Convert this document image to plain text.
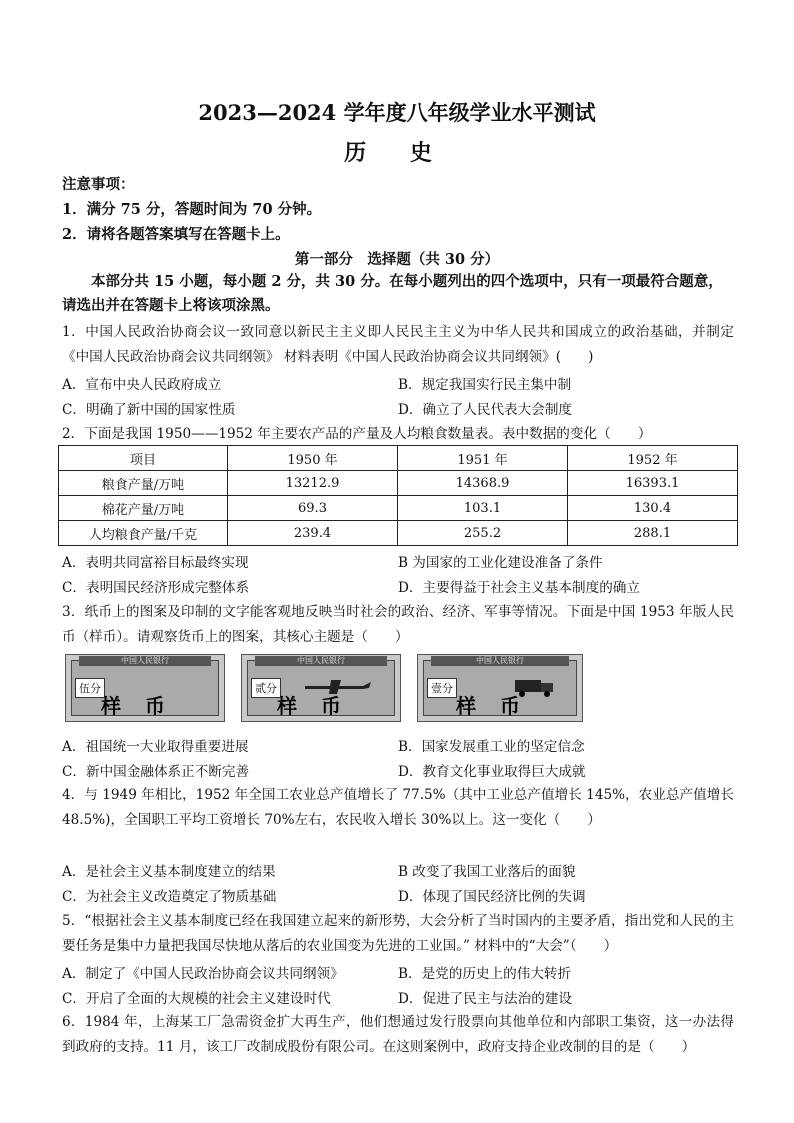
2023—2024 学年度八年级学业水平测试
历 史
注意事项：
1．满分 75 分，答题时间为 70 分钟。
2．请将各题答案填写在答题卡上。
第一部分　选择题（共 30 分）
本部分共 15 小题，每小题 2 分，共 30 分。在每小题列出的四个选项中，只有一项最符合题意，请选出并在答题卡上将该项涂黑。
1．中国人民政治协商会议一致同意以新民主主义即人民民主主义为中华人民共和国成立的政治基础，并制定《中国人民政治协商会议共同纲领》 材料表明《中国人民政治协商会议共同纲领》(　　)
A．宣布中央人民政府成立	B．规定我国实行民主集中制
C．明确了新中国的国家性质	D．确立了人民代表大会制度
2．下面是我国 1950——1952 年主要农产品的产量及人均粮食数量表。表中数据的变化（　　）
项目	1950 年	1951 年	1952 年
粮食产量/万吨	13212.9	14368.9	16393.1
棉花产量/万吨	69.3	103.1	130.4
人均粮食产量/千克	239.4	255.2	288.1
A．表明共同富裕目标最终实现	B 为国家的工业化建设准备了条件
C．表明国民经济形成完整体系	D．主要得益于社会主义基本制度的确立
3．纸币上的图案及印制的文字能客观地反映当时社会的政治、经济、军事等情况。下面是中国 1953 年版人民币（样币）。请观察货币上的图案，其核心主题是（　　）
中国人民银行
伍分
样币
中国人民银行
贰分
样币
中国人民银行
壹分
样币
A．祖国统一大业取得重要进展	B．国家发展重工业的坚定信念
C．新中国金融体系正不断完善	D．教育文化事业取得巨大成就
4．与 1949 年相比，1952 年全国工农业总产值增长了 77.5%（其中工业总产值增长 145%，农业总产值增长 48.5%)，全国职工平均工资增长 70%左右，农民收入增长 30%以上。这一变化（　　）
A．是社会主义基本制度建立的结果	B 改变了我国工业落后的面貌
C．为社会主义改造奠定了物质基础	D．体现了国民经济比例的失调
5．“根据社会主义基本制度已经在我国建立起来的新形势，大会分析了当时国内的主要矛盾，指出党和人民的主要任务是集中力量把我国尽快地从落后的农业国变为先进的工业国。” 材料中的“大会”（　　）
A．制定了《中国人民政治协商会议共同纲领》	B．是党的历史上的伟大转折
C．开启了全面的大规模的社会主义建设时代	D．促进了民主与法治的建设
6．1984 年，上海某工厂急需资金扩大再生产，他们想通过发行股票向其他单位和内部职工集资，这一办法得到政府的支持。11 月，该工厂改制成股份有限公司。在这则案例中，政府支持企业改制的目的是（　　）
